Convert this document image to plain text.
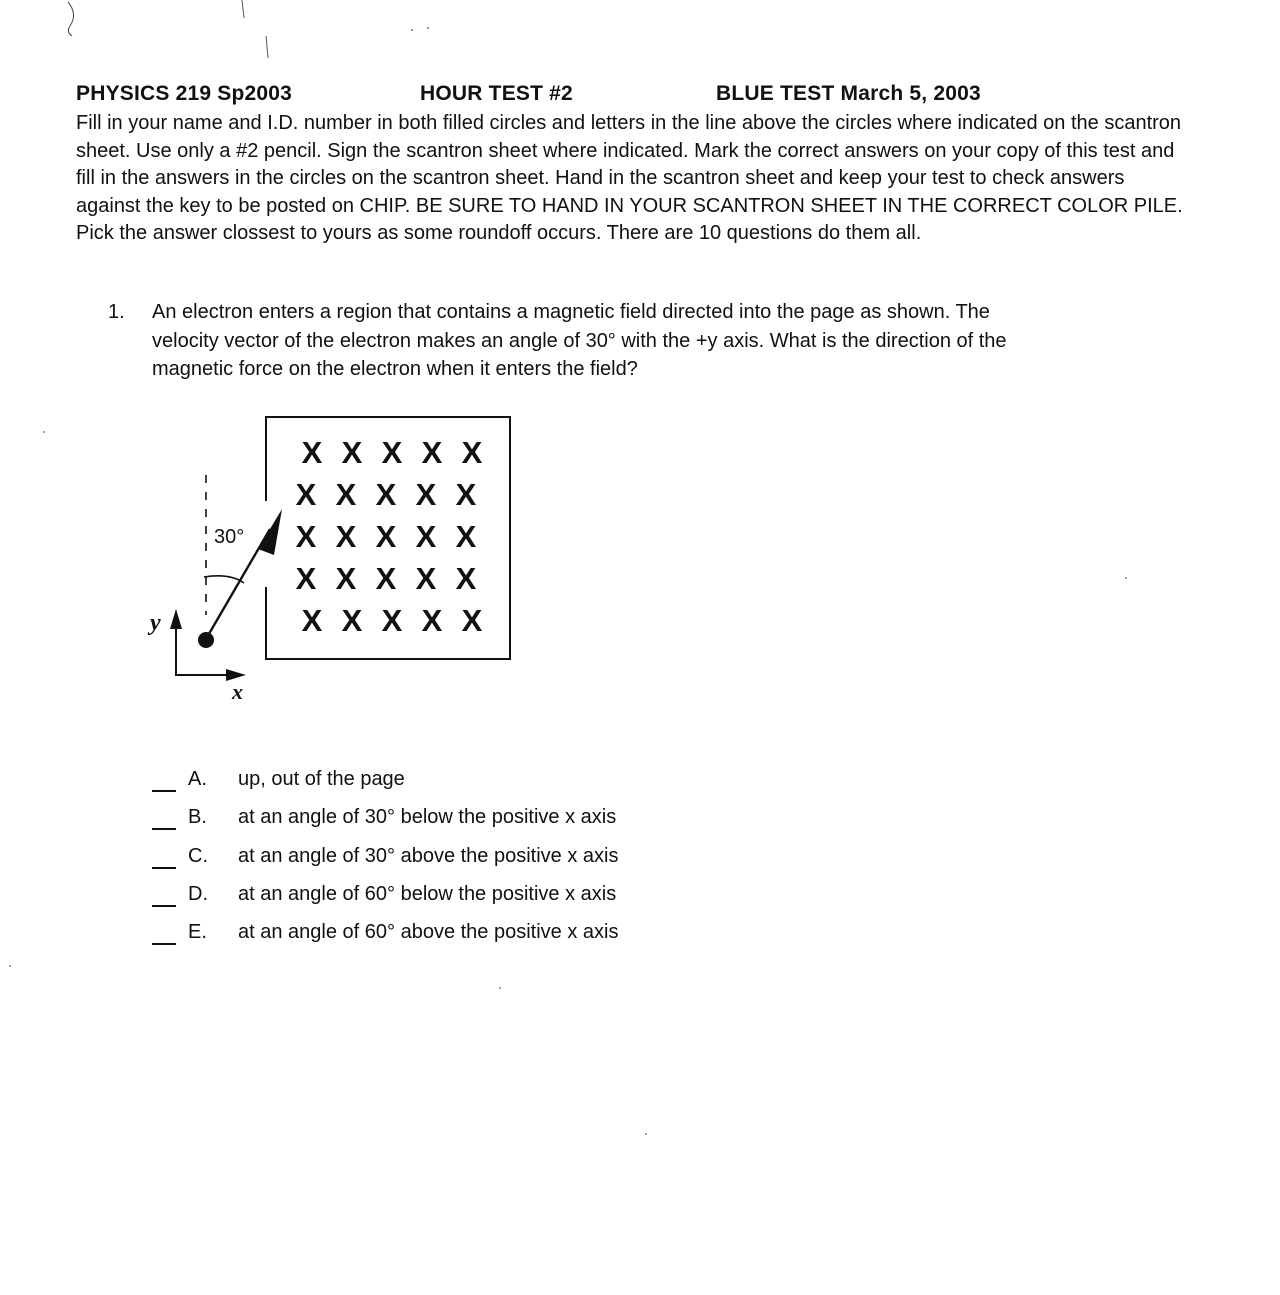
PHYSICS 219 Sp2003	HOUR TEST #2	BLUE TEST March 5, 2003

Fill in your name and I.D. number in both filled circles and letters in the line above the circles where indicated on the scantron sheet. Use only a #2 pencil. Sign the scantron sheet where indicated. Mark the correct answers on your copy of this test and fill in the answers in the circles on the scantron sheet. Hand in the scantron sheet and keep your test to check answers against the key to be posted on CHIP. BE SURE TO HAND IN YOUR SCANTRON SHEET IN THE CORRECT COLOR PILE. Pick the answer clossest to yours as some roundoff occurs. There are 10 questions do them all.

1. An electron enters a region that contains a magnetic field directed into the page as shown. The velocity vector of the electron makes an angle of 30° with the +y axis. What is the direction of the magnetic force on the electron when it enters the field?

X X X X X
X X X X X
X X X X X
X X X X X
X X X X X
30°
y
x
A. up, out of the page
B. at an angle of 30° below the positive x axis
C. at an angle of 30° above the positive x axis
D. at an angle of 60° below the positive x axis
E. at an angle of 60° above the positive x axis
